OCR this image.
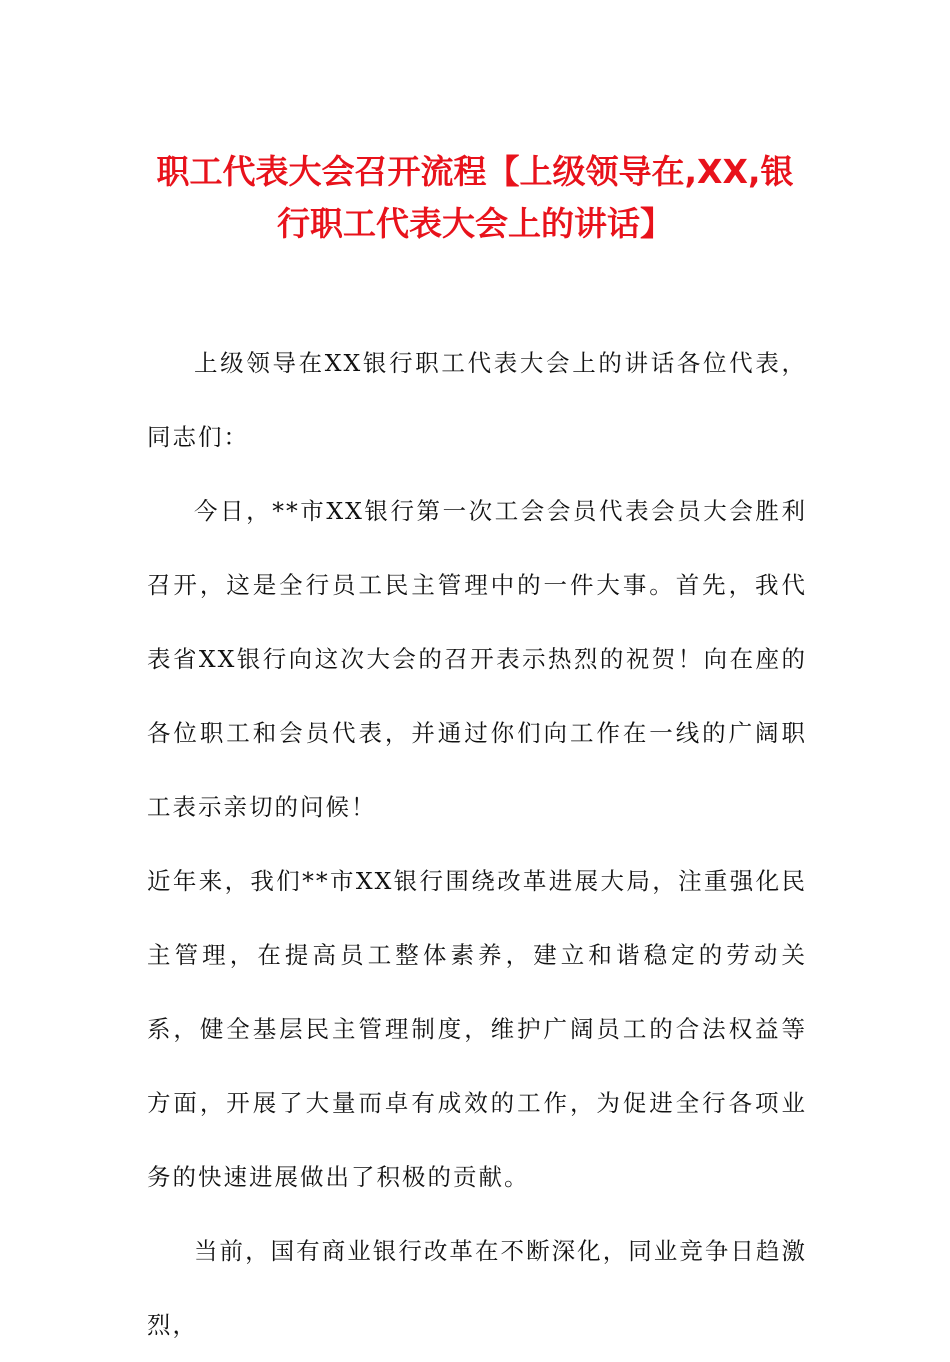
职工代表大会召开流程【上级领导在,XX,银
行职工代表大会上的讲话】

上级领导在XX银行职工代表大会上的讲话各位代表，同志们：

今日，**市XX银行第一次工会会员代表会员大会胜利召开，这是全行员工民主管理中的一件大事。首先，我代表省XX银行向这次大会的召开表示热烈的祝贺！向在座的各位职工和会员代表，并通过你们向工作在一线的广阔职工表示亲切的问候！

近年来，我们**市XX银行围绕改革进展大局，注重强化民主管理，在提高员工整体素养，建立和谐稳定的劳动关系，健全基层民主管理制度，维护广阔员工的合法权益等方面，开展了大量而卓有成效的工作，为促进全行各项业务的快速进展做出了积极的贡献。

当前，国有商业银行改革在不断深化，同业竞争日趋激烈，
